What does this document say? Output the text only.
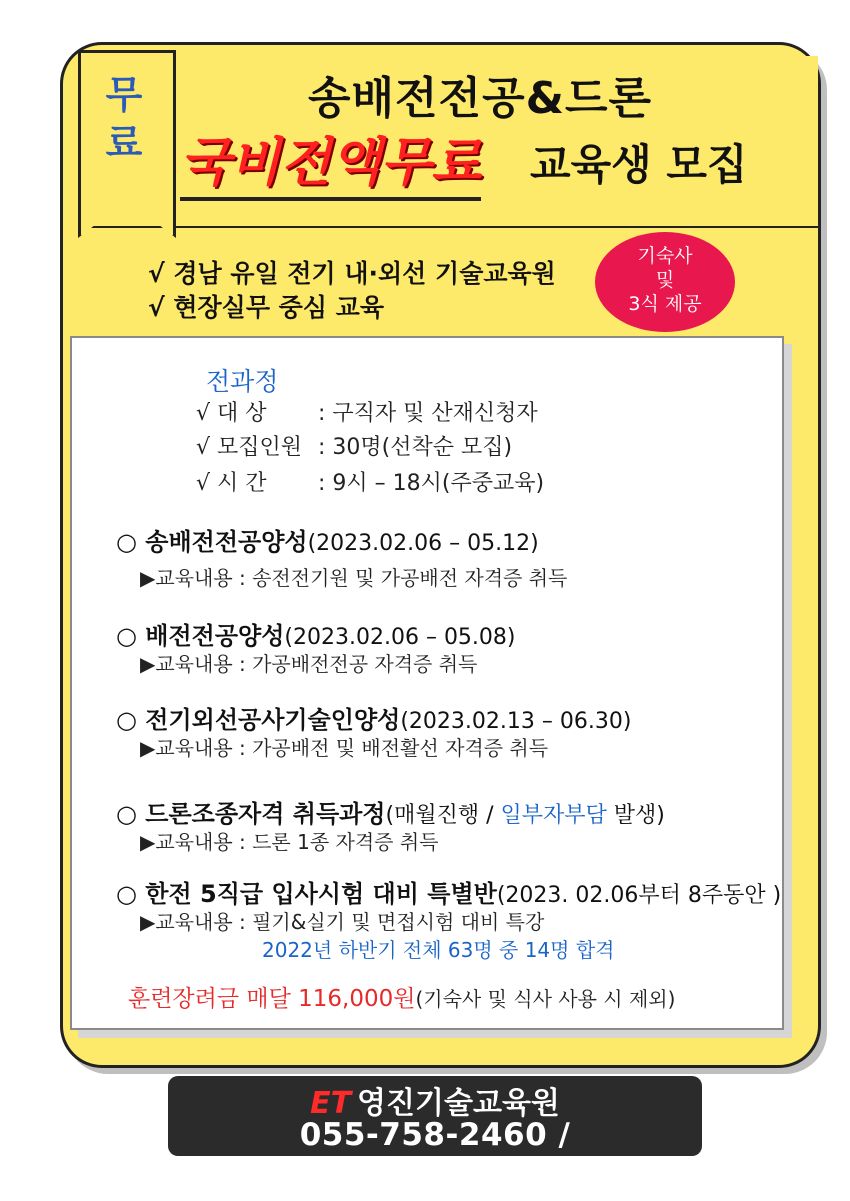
무
료
송배전전공&드론
국비전액무료 교육생 모집
√ 경남 유일 전기 내·외선 기술교육원
√ 현장실무 중심 교육
기숙사
및
3식 제공
전과정
√ 대 상 : 구직자 및 산재신청자
√ 모집인원 : 30명(선착순 모집)
√ 시 간 : 9시 – 18시(주중교육)
○ 송배전전공양성(2023.02.06 – 05.12)
▶교육내용 : 송전전기원 및 가공배전 자격증 취득
○ 배전전공양성(2023.02.06 – 05.08)
▶교육내용 : 가공배전전공 자격증 취득
○ 전기외선공사기술인양성(2023.02.13 – 06.30)
▶교육내용 : 가공배전 및 배전활선 자격증 취득
○ 드론조종자격 취득과정(매월진행 / 일부자부담 발생)
▶교육내용 : 드론 1종 자격증 취득
○ 한전 5직급 입사시험 대비 특별반(2023. 02.06부터 8주동안 )
▶교육내용 : 필기&실기 및 면접시험 대비 특강
2022년 하반기 전체 63명 중 14명 합격
훈련장려금 매달 116,000원(기숙사 및 식사 사용 시 제외)
ET 영진기술교육원
055-758-2460 / www.yjet.co.kr
